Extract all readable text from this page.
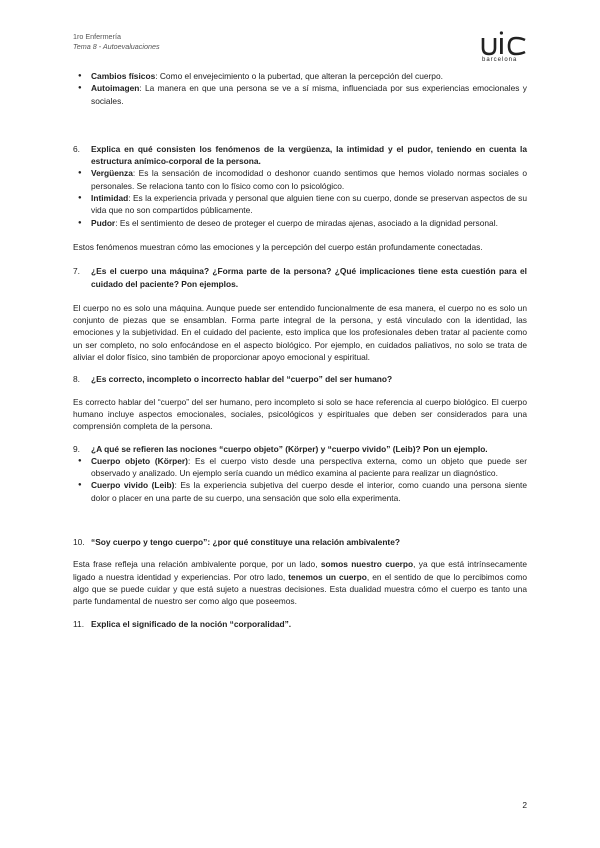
1ro Enfermería
Tema 8 - Autoevaluaciones
barcelona
● Cambios físicos: Como el envejecimiento o la pubertad, que alteran la percepción del cuerpo.
● Autoimagen: La manera en que una persona se ve a sí misma, influenciada por sus experiencias emocionales y sociales.
6. Explica en qué consisten los fenómenos de la vergüenza, la intimidad y el pudor, teniendo en cuenta la estructura anímico-corporal de la persona.
● Vergüenza: Es la sensación de incomodidad o deshonor cuando sentimos que hemos violado normas sociales o personales. Se relaciona tanto con lo físico como con lo psicológico.
● Intimidad: Es la experiencia privada y personal que alguien tiene con su cuerpo, donde se preservan aspectos de su vida que no son compartidos públicamente.
● Pudor: Es el sentimiento de deseo de proteger el cuerpo de miradas ajenas, asociado a la dignidad personal.

Estos fenómenos muestran cómo las emociones y la percepción del cuerpo están profundamente conectadas.

7. ¿Es el cuerpo una máquina? ¿Forma parte de la persona? ¿Qué implicaciones tiene esta cuestión para el cuidado del paciente? Pon ejemplos.

El cuerpo no es solo una máquina. Aunque puede ser entendido funcionalmente de esa manera, el cuerpo no es solo un conjunto de piezas que se ensamblan. Forma parte integral de la persona, y está vinculado con la identidad, las emociones y la subjetividad. En el cuidado del paciente, esto implica que los profesionales deben tratar al paciente como un ser completo, no solo enfocándose en el aspecto biológico. Por ejemplo, en cuidados paliativos, no solo se trata de aliviar el dolor físico, sino también de proporcionar apoyo emocional y espiritual.

8. ¿Es correcto, incompleto o incorrecto hablar del “cuerpo” del ser humano?

Es correcto hablar del “cuerpo” del ser humano, pero incompleto si solo se hace referencia al cuerpo biológico. El cuerpo humano incluye aspectos emocionales, sociales, psicológicos y espirituales que deben ser considerados para una comprensión completa de la persona.

9. ¿A qué se refieren las nociones “cuerpo objeto” (Körper) y “cuerpo vivido” (Leib)? Pon un ejemplo.
● Cuerpo objeto (Körper): Es el cuerpo visto desde una perspectiva externa, como un objeto que puede ser observado y analizado. Un ejemplo sería cuando un médico examina al paciente para realizar un diagnóstico.
● Cuerpo vivido (Leib): Es la experiencia subjetiva del cuerpo desde el interior, como cuando una persona siente dolor o placer en una parte de su cuerpo, una sensación que solo ella experimenta.
10. “Soy cuerpo y tengo cuerpo”: ¿por qué constituye una relación ambivalente?

Esta frase refleja una relación ambivalente porque, por un lado, somos nuestro cuerpo, ya que está intrínsecamente ligado a nuestra identidad y experiencias. Por otro lado, tenemos un cuerpo, en el sentido de que lo percibimos como algo que se puede cuidar y que está sujeto a nuestras decisiones. Esta dualidad muestra cómo el cuerpo es tanto una parte fundamental de nuestro ser como algo que poseemos.

11. Explica el significado de la noción “corporalidad”.
2
